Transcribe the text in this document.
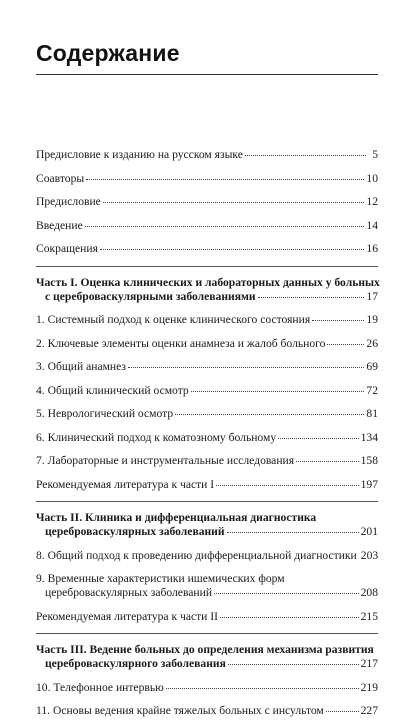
Содержание
Предисловие к изданию на русском языке	5
Соавторы	10
Предисловие	12
Введение	14
Сокращения	16
Часть I. Оценка клинических и лабораторных данных у больных
с цереброваскулярными заболеваниями	17
1. Системный подход к оценке клинического состояния	19
2. Ключевые элементы оценки анамнеза и жалоб больного	26
3. Общий анамнез	69
4. Общий клинический осмотр	72
5. Неврологический осмотр	81
6. Клинический подход к коматозному больному	134
7. Лабораторные и инструментальные исследования	158
Рекомендуемая литература к части I	197
Часть II. Клиника и дифференциальная диагностика
цереброваскулярных заболеваний	201
8. Общий подход к проведению дифференциальной диагностики 203
9. Временные характеристики ишемических форм
цереброваскулярных заболеваний	208
Рекомендуемая литература к части II	215
Часть III. Ведение больных до определения механизма развития
цереброваскулярного заболевания	217
10. Телефонное интервью	219
11. Основы ведения крайне тяжелых больных с инсультом	227
